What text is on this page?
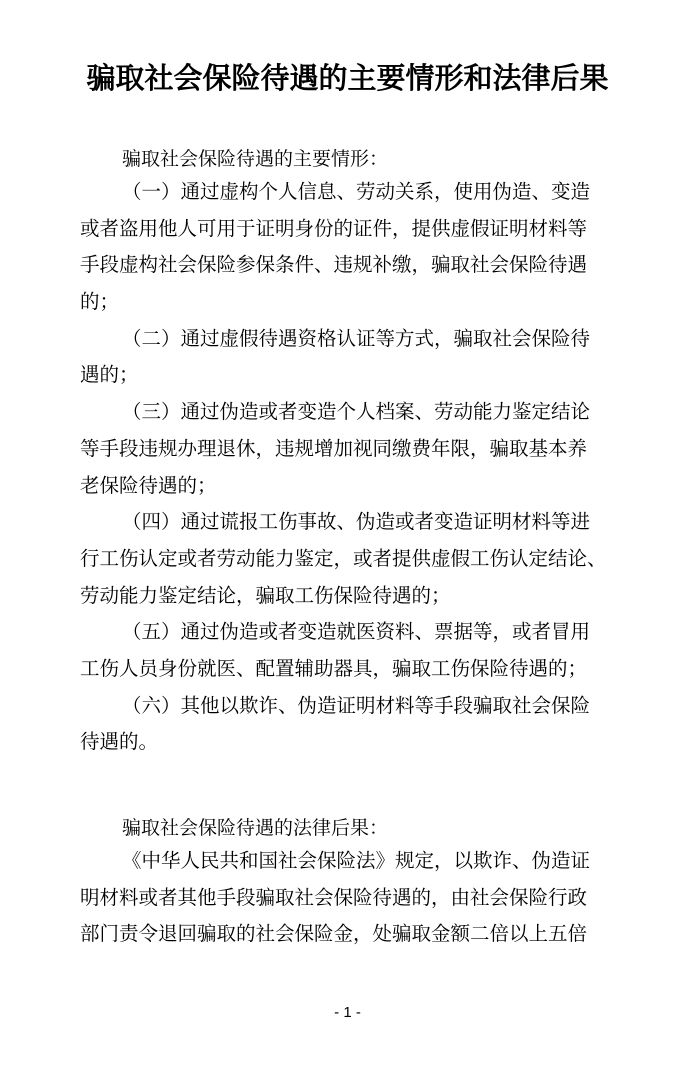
骗取社会保险待遇的主要情形和法律后果
骗取社会保险待遇的主要情形：
（一）通过虚构个人信息、劳动关系，使用伪造、变造
或者盗用他人可用于证明身份的证件，提供虚假证明材料等
手段虚构社会保险参保条件、违规补缴，骗取社会保险待遇
的；
（二）通过虚假待遇资格认证等方式，骗取社会保险待
遇的；
（三）通过伪造或者变造个人档案、劳动能力鉴定结论
等手段违规办理退休，违规增加视同缴费年限，骗取基本养
老保险待遇的；
（四）通过谎报工伤事故、伪造或者变造证明材料等进
行工伤认定或者劳动能力鉴定，或者提供虚假工伤认定结论、
劳动能力鉴定结论，骗取工伤保险待遇的；
（五）通过伪造或者变造就医资料、票据等，或者冒用
工伤人员身份就医、配置辅助器具，骗取工伤保险待遇的；
（六）其他以欺诈、伪造证明材料等手段骗取社会保险
待遇的。
骗取社会保险待遇的法律后果：
《中华人民共和国社会保险法》规定，以欺诈、伪造证
明材料或者其他手段骗取社会保险待遇的，由社会保险行政
部门责令退回骗取的社会保险金，处骗取金额二倍以上五倍
- 1 -
